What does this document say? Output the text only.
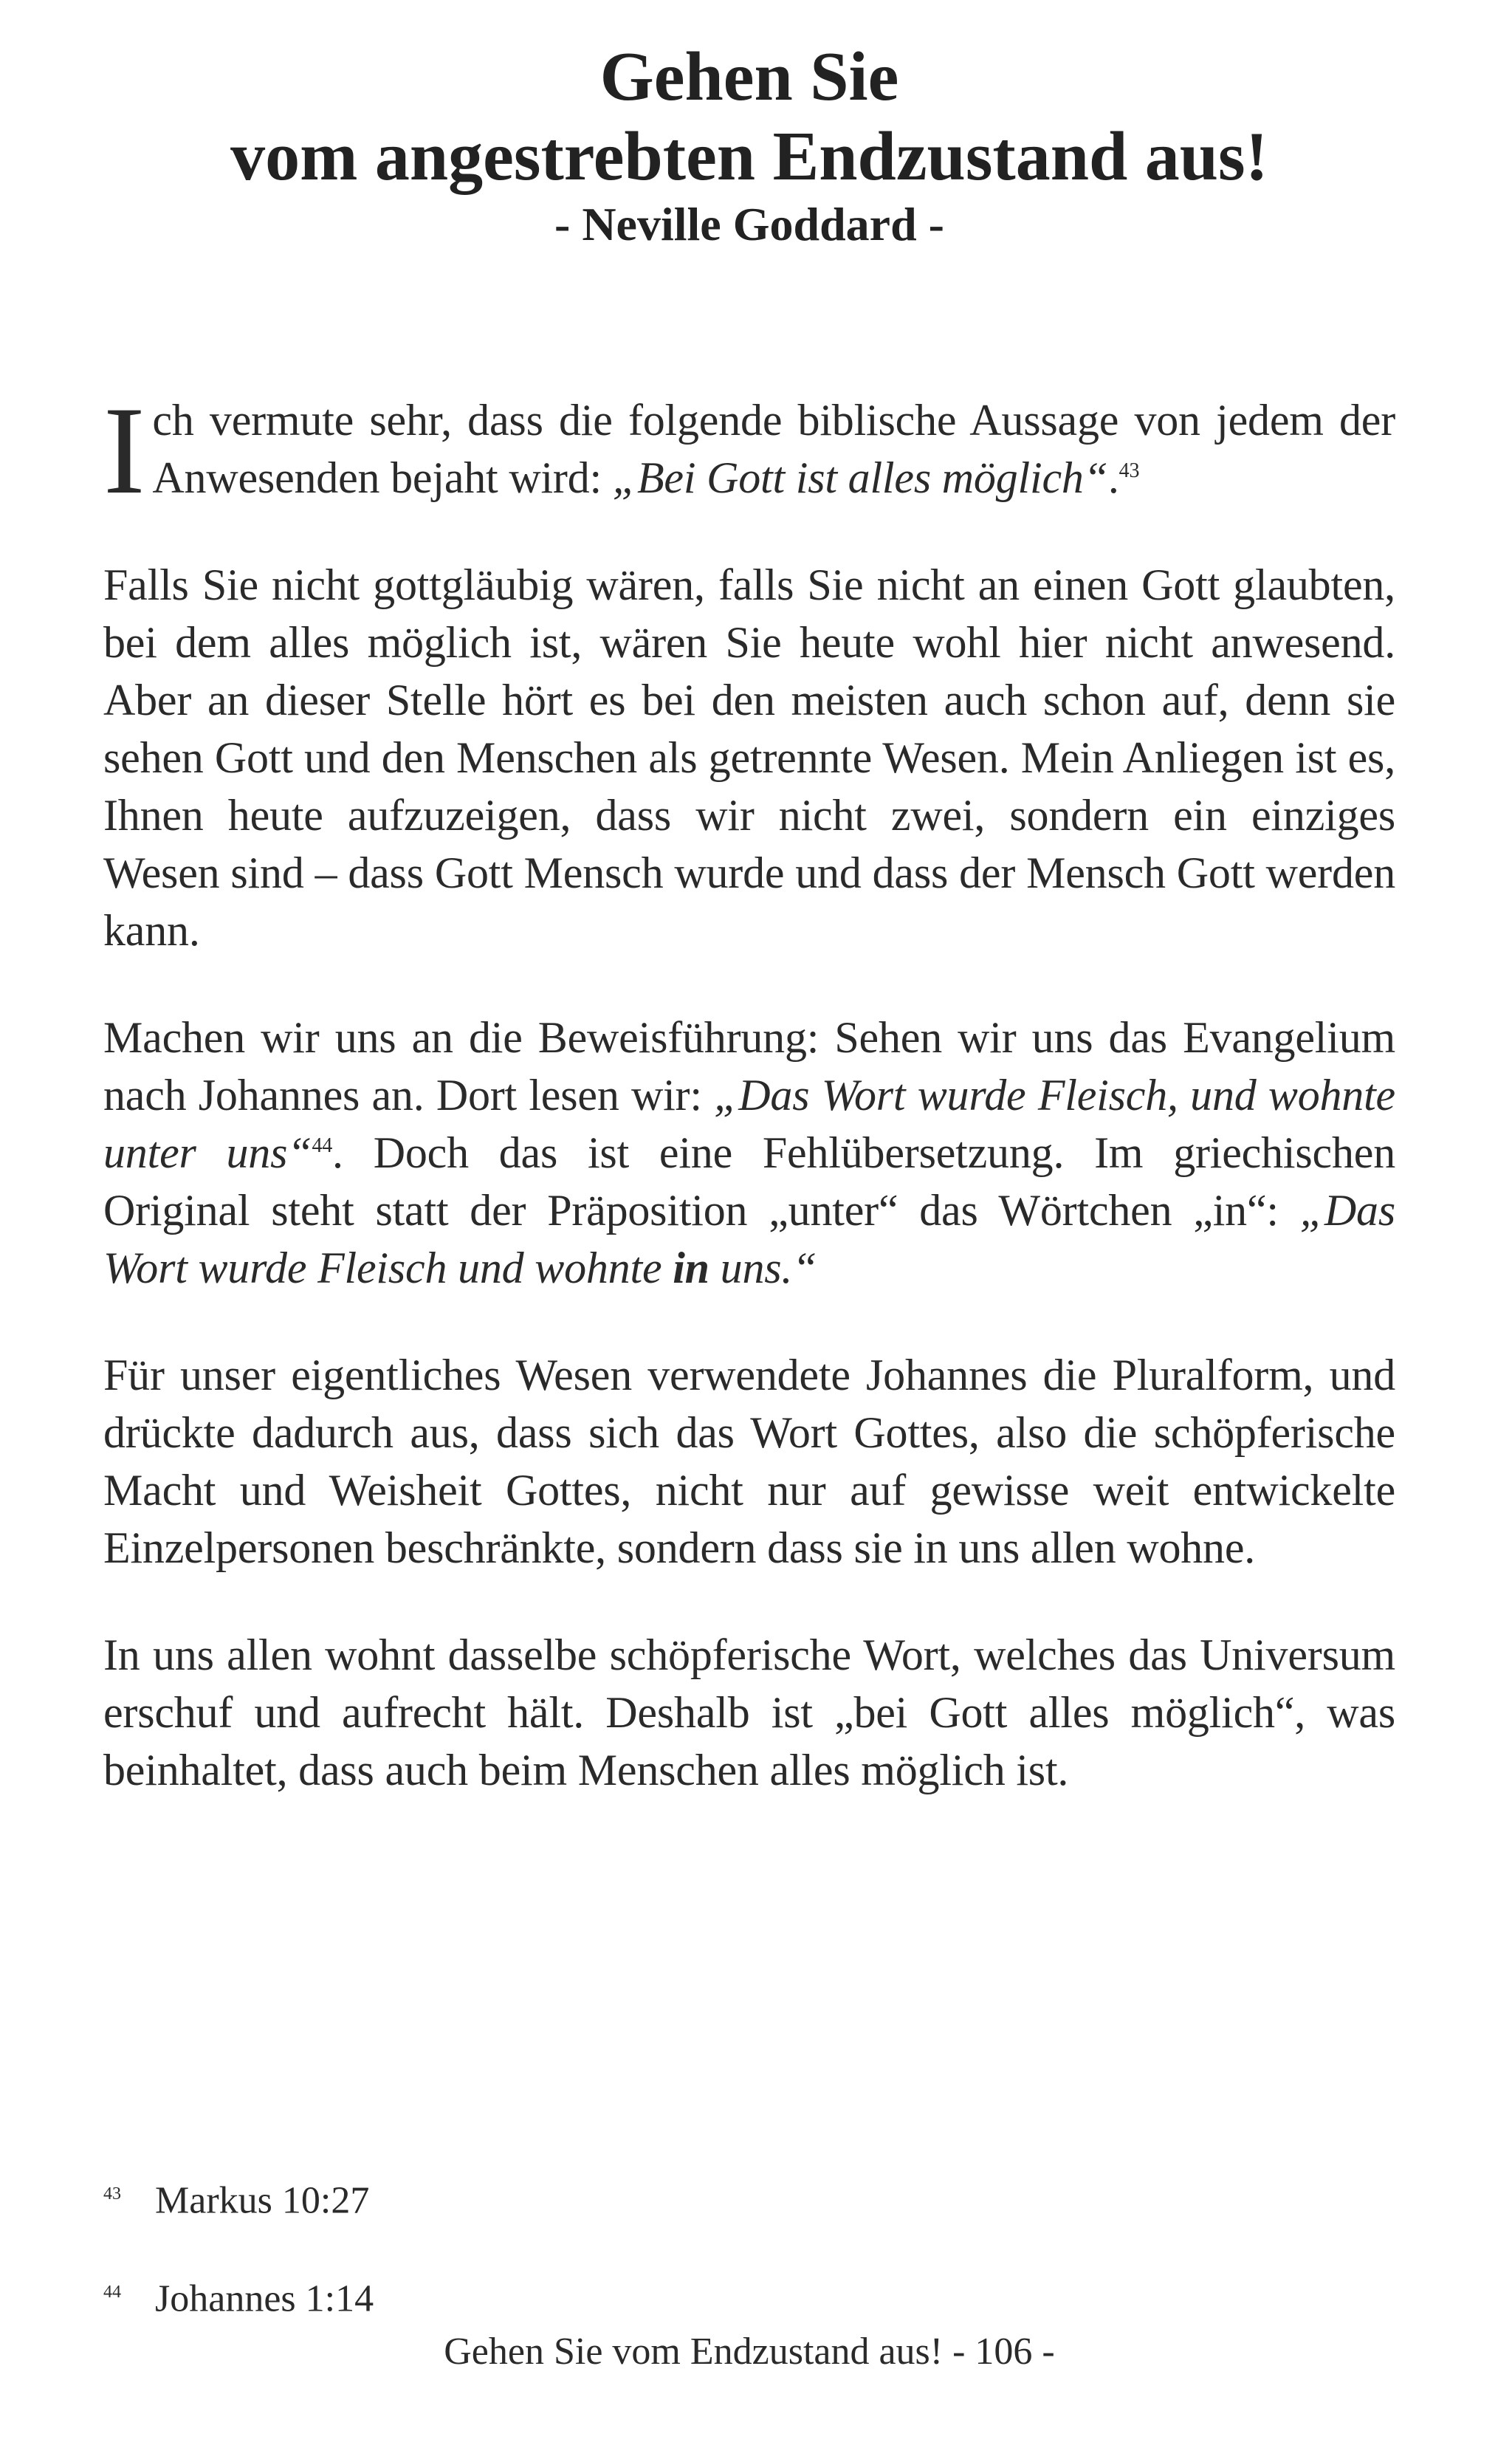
Gehen Sie
vom angestrebten Endzustand aus!

- Neville Goddard -

Ich vermute sehr, dass die folgende biblische Aussage von jedem der Anwesenden bejaht wird: „Bei Gott ist alles möglich“.$^{43}$

Falls Sie nicht gottgläubig wären, falls Sie nicht an einen Gott glaubten, bei dem alles möglich ist, wären Sie heute wohl hier nicht anwesend. Aber an dieser Stelle hört es bei den meisten auch schon auf, denn sie sehen Gott und den Menschen als getrennte Wesen. Mein Anliegen ist es, Ihnen heute aufzuzeigen, dass wir nicht zwei, sondern ein einziges Wesen sind – dass Gott Mensch wurde und dass der Mensch Gott werden kann.

Machen wir uns an die Beweisführung: Sehen wir uns das Evangelium nach Johannes an. Dort lesen wir: „Das Wort wurde Fleisch, und wohnte unter uns“$^{44}$. Doch das ist eine Fehlübersetzung. Im griechischen Original steht statt der Präposition „unter“ das Wörtchen „in“: „Das Wort wurde Fleisch und wohnte in uns.“

Für unser eigentliches Wesen verwendete Johannes die Pluralform, und drückte dadurch aus, dass sich das Wort Gottes, also die schöpferische Macht und Weisheit Gottes, nicht nur auf gewisse weit entwickelte Einzelpersonen beschränkte, sondern dass sie in uns allen wohne.

In uns allen wohnt dasselbe schöpferische Wort, welches das Universum erschuf und aufrecht hält. Deshalb ist „bei Gott alles möglich“, was beinhaltet, dass auch beim Menschen alles möglich ist.

43 Markus 10:27

44 Johannes 1:14

Gehen Sie vom Endzustand aus! - 106 -
